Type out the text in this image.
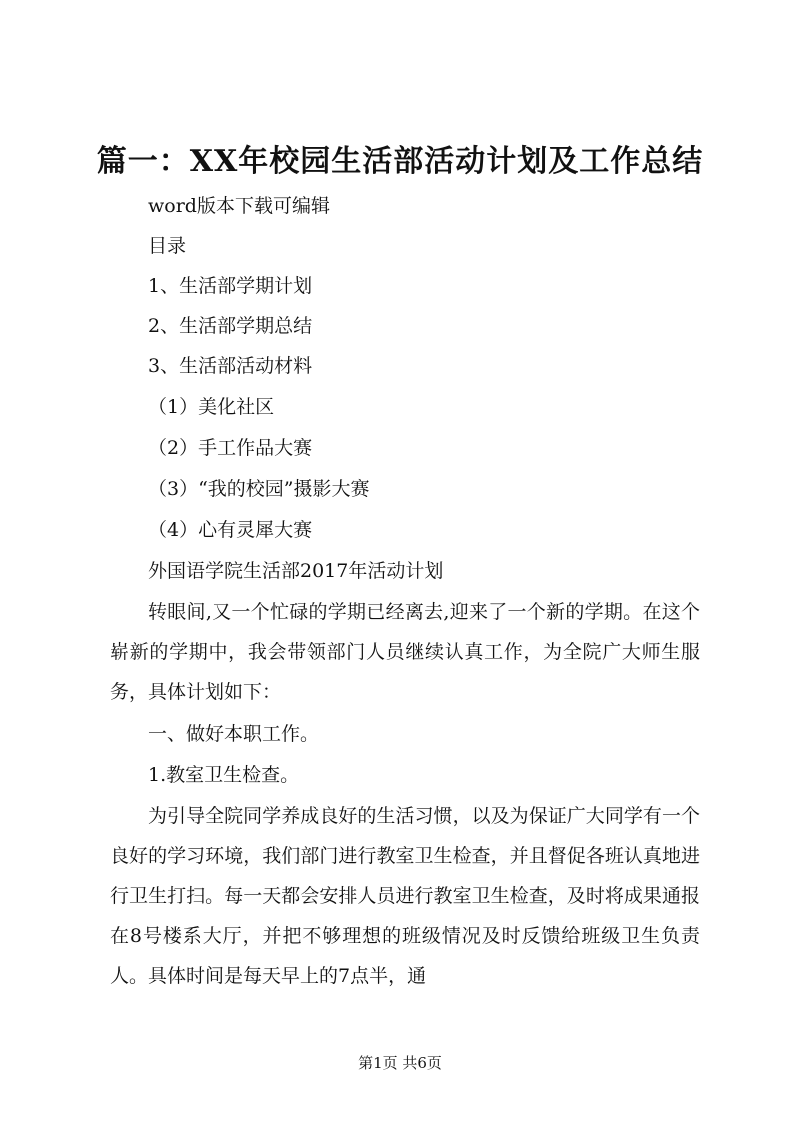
篇一：XX年校园生活部活动计划及工作总结
word版本下载可编辑
目录
1、生活部学期计划
2、生活部学期总结
3、生活部活动材料
（1）美化社区
（2）手工作品大赛
（3）“我的校园”摄影大赛
（4）心有灵犀大赛
外国语学院生活部2017年活动计划
转眼间,又一个忙碌的学期已经离去,迎来了一个新的学期。在这个崭新的学期中，我会带领部门人员继续认真工作，为全院广大师生服务，具体计划如下：
一、做好本职工作。
1.教室卫生检查。
为引导全院同学养成良好的生活习惯，以及为保证广大同学有一个良好的学习环境，我们部门进行教室卫生检查，并且督促各班认真地进行卫生打扫。每一天都会安排人员进行教室卫生检查，及时将成果通报在8号楼系大厅，并把不够理想的班级情况及时反馈给班级卫生负责人。具体时间是每天早上的7点半，通
第1页 共6页
